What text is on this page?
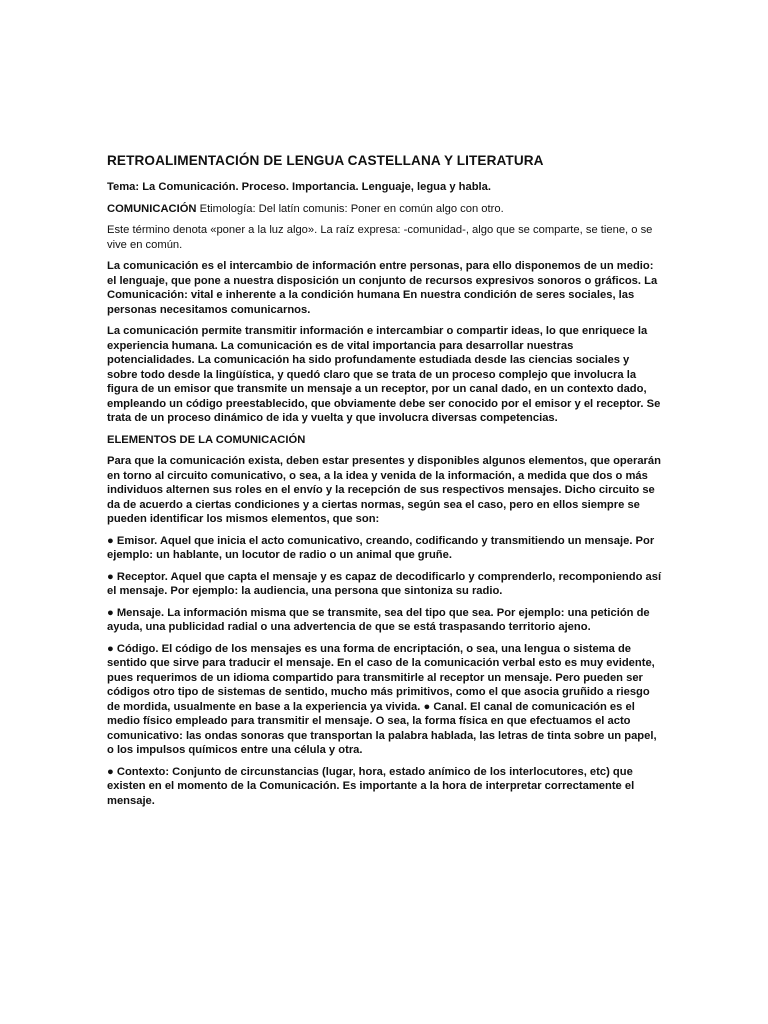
RETROALIMENTACIÓN DE LENGUA CASTELLANA Y LITERATURA
Tema: La Comunicación. Proceso. Importancia. Lenguaje, legua y habla.
COMUNICACIÓN Etimología: Del latín comunis: Poner en común algo con otro.
Este término denota «poner a la luz algo». La raíz expresa: -comunidad-, algo que se comparte, se tiene, o se vive en común.
La comunicación es el intercambio de información entre personas, para ello disponemos de un medio: el lenguaje, que pone a nuestra disposición un conjunto de recursos expresivos sonoros o gráficos. La Comunicación: vital e inherente a la condición humana En nuestra condición de seres sociales, las personas necesitamos comunicarnos.
La comunicación permite transmitir información e intercambiar o compartir ideas, lo que enriquece la experiencia humana. La comunicación es de vital importancia para desarrollar nuestras potencialidades. La comunicación ha sido profundamente estudiada desde las ciencias sociales y sobre todo desde la lingüística, y quedó claro que se trata de un proceso complejo que involucra la figura de un emisor que transmite un mensaje a un receptor, por un canal dado, en un contexto dado, empleando un código preestablecido, que obviamente debe ser conocido por el emisor y el receptor. Se trata de un proceso dinámico de ida y vuelta y que involucra diversas competencias.
ELEMENTOS DE LA COMUNICACIÓN
Para que la comunicación exista, deben estar presentes y disponibles algunos elementos, que operarán en torno al circuito comunicativo, o sea, a la idea y venida de la información, a medida que dos o más individuos alternen sus roles en el envío y la recepción de sus respectivos mensajes. Dicho circuito se da de acuerdo a ciertas condiciones y a ciertas normas, según sea el caso, pero en ellos siempre se pueden identificar los mismos elementos, que son:
● Emisor. Aquel que inicia el acto comunicativo, creando, codificando y transmitiendo un mensaje. Por ejemplo: un hablante, un locutor de radio o un animal que gruñe.
● Receptor. Aquel que capta el mensaje y es capaz de decodificarlo y comprenderlo, recomponiendo así el mensaje. Por ejemplo: la audiencia, una persona que sintoniza su radio.
● Mensaje. La información misma que se transmite, sea del tipo que sea. Por ejemplo: una petición de ayuda, una publicidad radial o una advertencia de que se está traspasando territorio ajeno.
● Código. El código de los mensajes es una forma de encriptación, o sea, una lengua o sistema de sentido que sirve para traducir el mensaje. En el caso de la comunicación verbal esto es muy evidente, pues requerimos de un idioma compartido para transmitirle al receptor un mensaje. Pero pueden ser códigos otro tipo de sistemas de sentido, mucho más primitivos, como el que asocia gruñido a riesgo de mordida, usualmente en base a la experiencia ya vivida. ● Canal. El canal de comunicación es el medio físico empleado para transmitir el mensaje. O sea, la forma física en que efectuamos el acto comunicativo: las ondas sonoras que transportan la palabra hablada, las letras de tinta sobre un papel, o los impulsos químicos entre una célula y otra.
● Contexto: Conjunto de circunstancias (lugar, hora, estado anímico de los interlocutores, etc) que existen en el momento de la Comunicación. Es importante a la hora de interpretar correctamente el mensaje.
